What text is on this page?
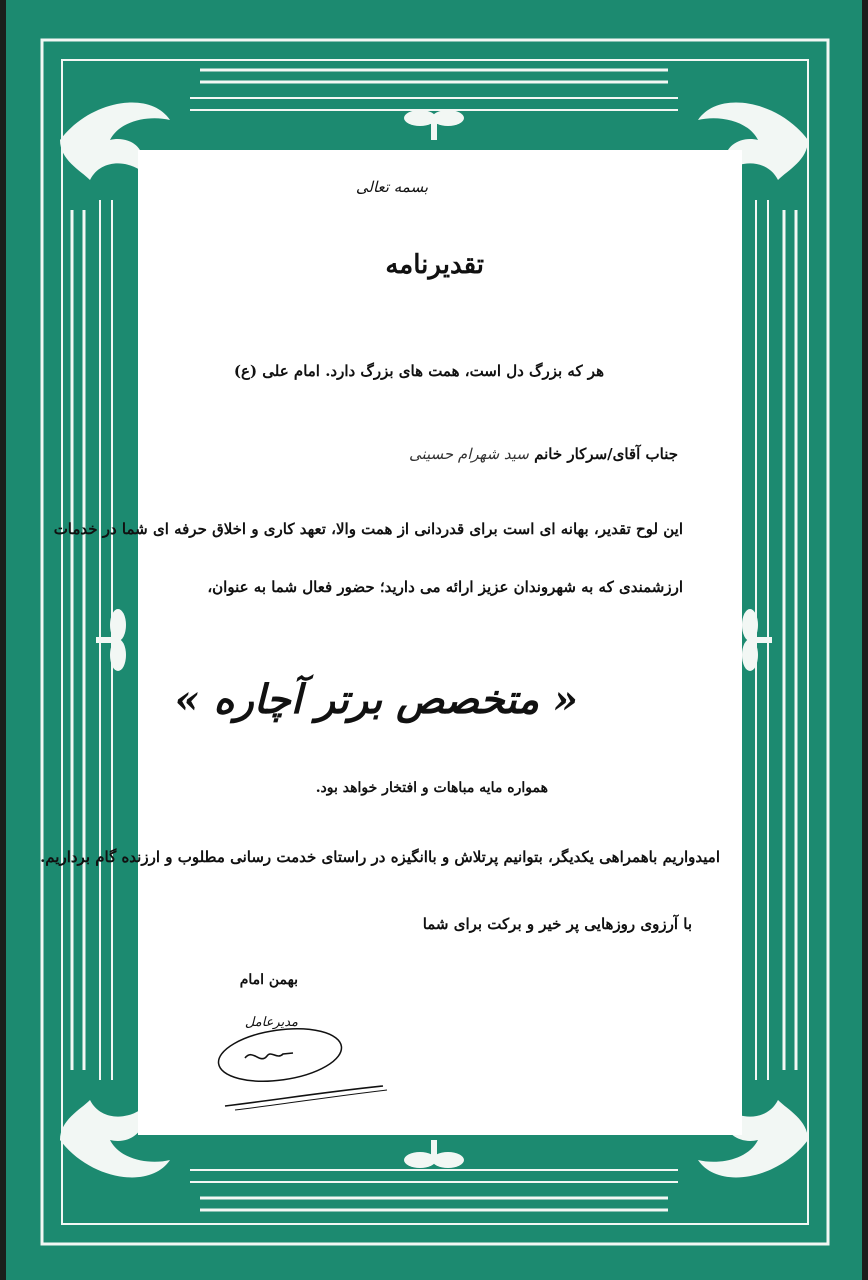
بسمه تعالی
تقدیرنامه
هر که بزرگ دل است، همت های بزرگ دارد. امام علی (ع)
جناب آقای/سرکار خانم سید شهرام حسینی
این لوح تقدیر، بهانه ای است برای قدردانی از همت والا، تعهد کاری و اخلاق حرفه ای شما در خدمات
ارزشمندی که به شهروندان عزیز ارائه می دارید؛ حضور فعال شما به عنوان،
« متخصص برتر آچاره »
همواره مایه مباهات و افتخار خواهد بود.
امیدواریم باهمراهی یکدیگر، بتوانیم پرتلاش و باانگیزه در راستای خدمت رسانی مطلوب و ارزنده گام برداریم.
با آرزوی روزهایی پر خیر و برکت برای شما
بهمن امام
مدیرعامل
